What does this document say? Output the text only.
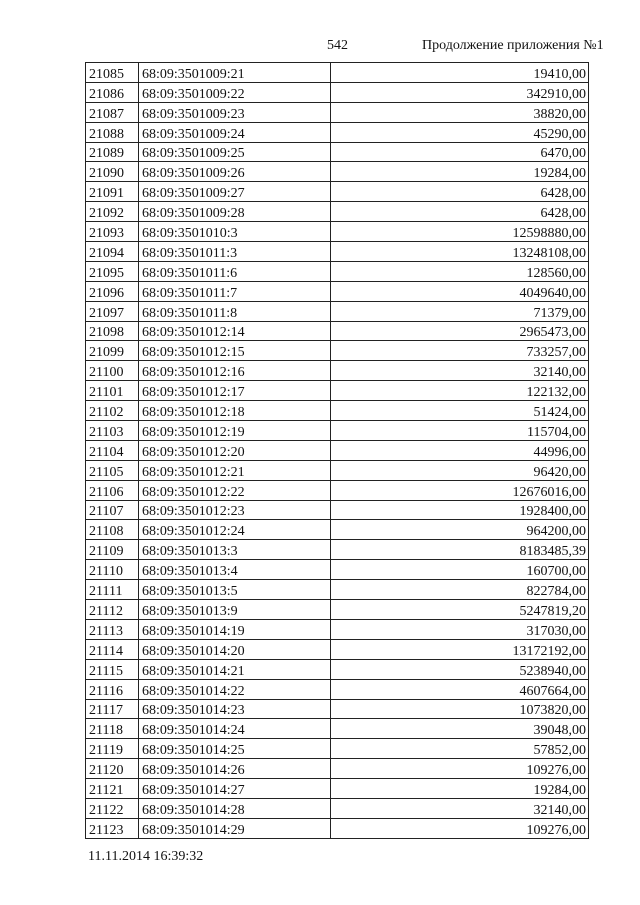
542	Продолжение приложения №1
21085	68:09:3501009:21	19410,00
21086	68:09:3501009:22	342910,00
21087	68:09:3501009:23	38820,00
21088	68:09:3501009:24	45290,00
21089	68:09:3501009:25	6470,00
21090	68:09:3501009:26	19284,00
21091	68:09:3501009:27	6428,00
21092	68:09:3501009:28	6428,00
21093	68:09:3501010:3	12598880,00
21094	68:09:3501011:3	13248108,00
21095	68:09:3501011:6	128560,00
21096	68:09:3501011:7	4049640,00
21097	68:09:3501011:8	71379,00
21098	68:09:3501012:14	2965473,00
21099	68:09:3501012:15	733257,00
21100	68:09:3501012:16	32140,00
21101	68:09:3501012:17	122132,00
21102	68:09:3501012:18	51424,00
21103	68:09:3501012:19	115704,00
21104	68:09:3501012:20	44996,00
21105	68:09:3501012:21	96420,00
21106	68:09:3501012:22	12676016,00
21107	68:09:3501012:23	1928400,00
21108	68:09:3501012:24	964200,00
21109	68:09:3501013:3	8183485,39
21110	68:09:3501013:4	160700,00
21111	68:09:3501013:5	822784,00
21112	68:09:3501013:9	5247819,20
21113	68:09:3501014:19	317030,00
21114	68:09:3501014:20	13172192,00
21115	68:09:3501014:21	5238940,00
21116	68:09:3501014:22	4607664,00
21117	68:09:3501014:23	1073820,00
21118	68:09:3501014:24	39048,00
21119	68:09:3501014:25	57852,00
21120	68:09:3501014:26	109276,00
21121	68:09:3501014:27	19284,00
21122	68:09:3501014:28	32140,00
21123	68:09:3501014:29	109276,00
11.11.2014 16:39:32
